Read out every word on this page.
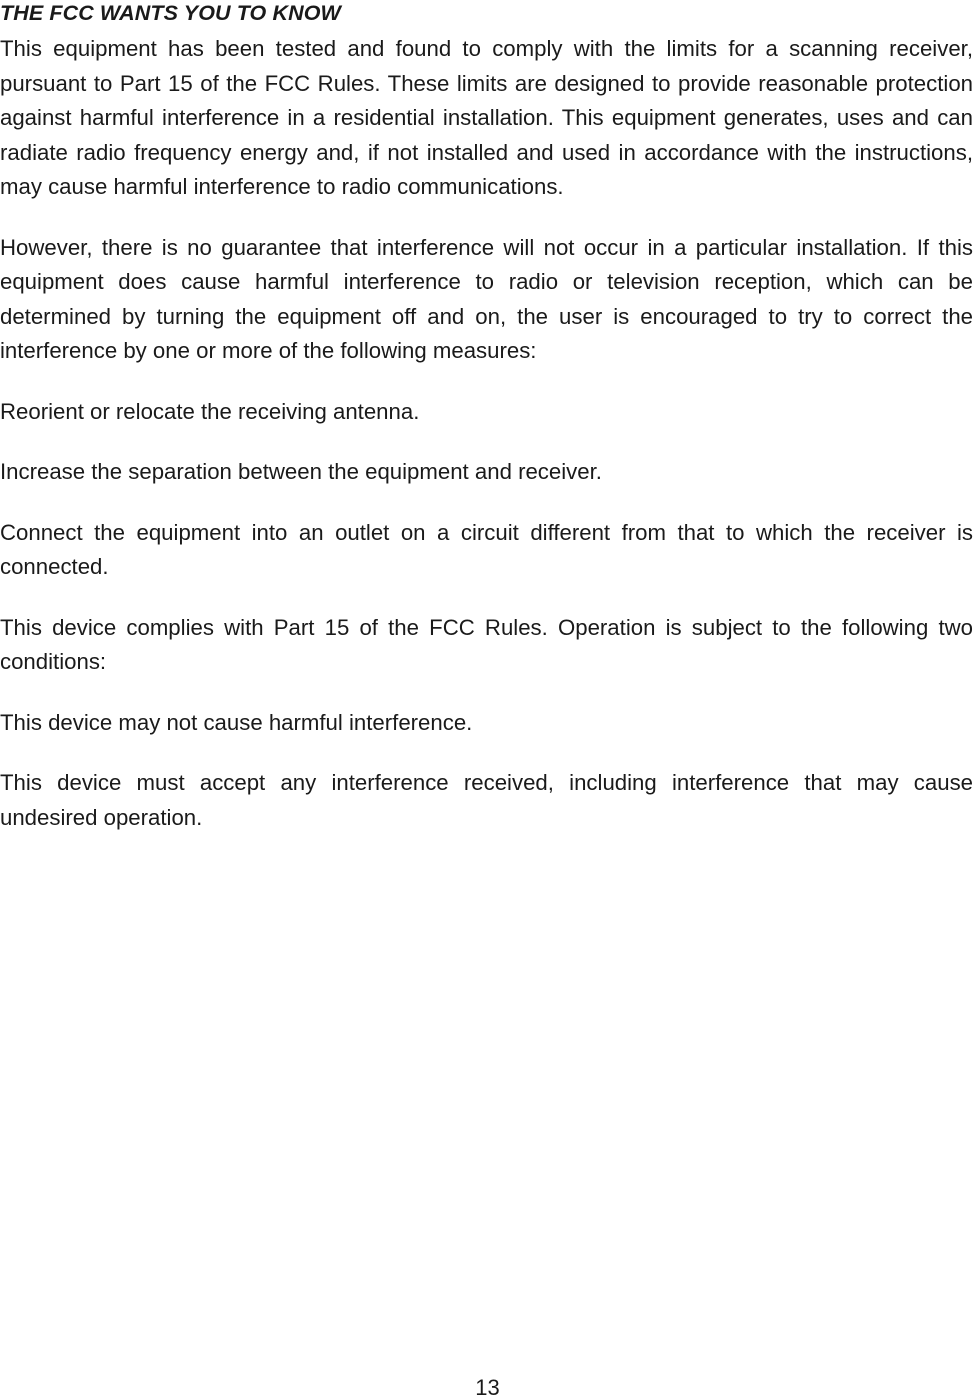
THE FCC WANTS YOU TO KNOW

This equipment has been tested and found to comply with the limits for a scanning receiver, pursuant to Part 15 of the FCC Rules. These limits are designed to provide reasonable protection against harmful interference in a residential installation. This equipment generates, uses and can radiate radio frequency energy and, if not installed and used in accordance with the instructions, may cause harmful interference to radio communications.

However, there is no guarantee that interference will not occur in a particular installation. If this equipment does cause harmful interference to radio or television reception, which can be determined by turning the equipment off and on, the user is encouraged to try to correct the interference by one or more of the following measures:

Reorient or relocate the receiving antenna.

Increase the separation between the equipment and receiver.

Connect the equipment into an outlet on a circuit different from that to which the receiver is connected.

This device complies with Part 15 of the FCC Rules. Operation is subject to the following two conditions:

This device may not cause harmful interference.

This device must accept any interference received, including interference that may cause undesired operation.

13
